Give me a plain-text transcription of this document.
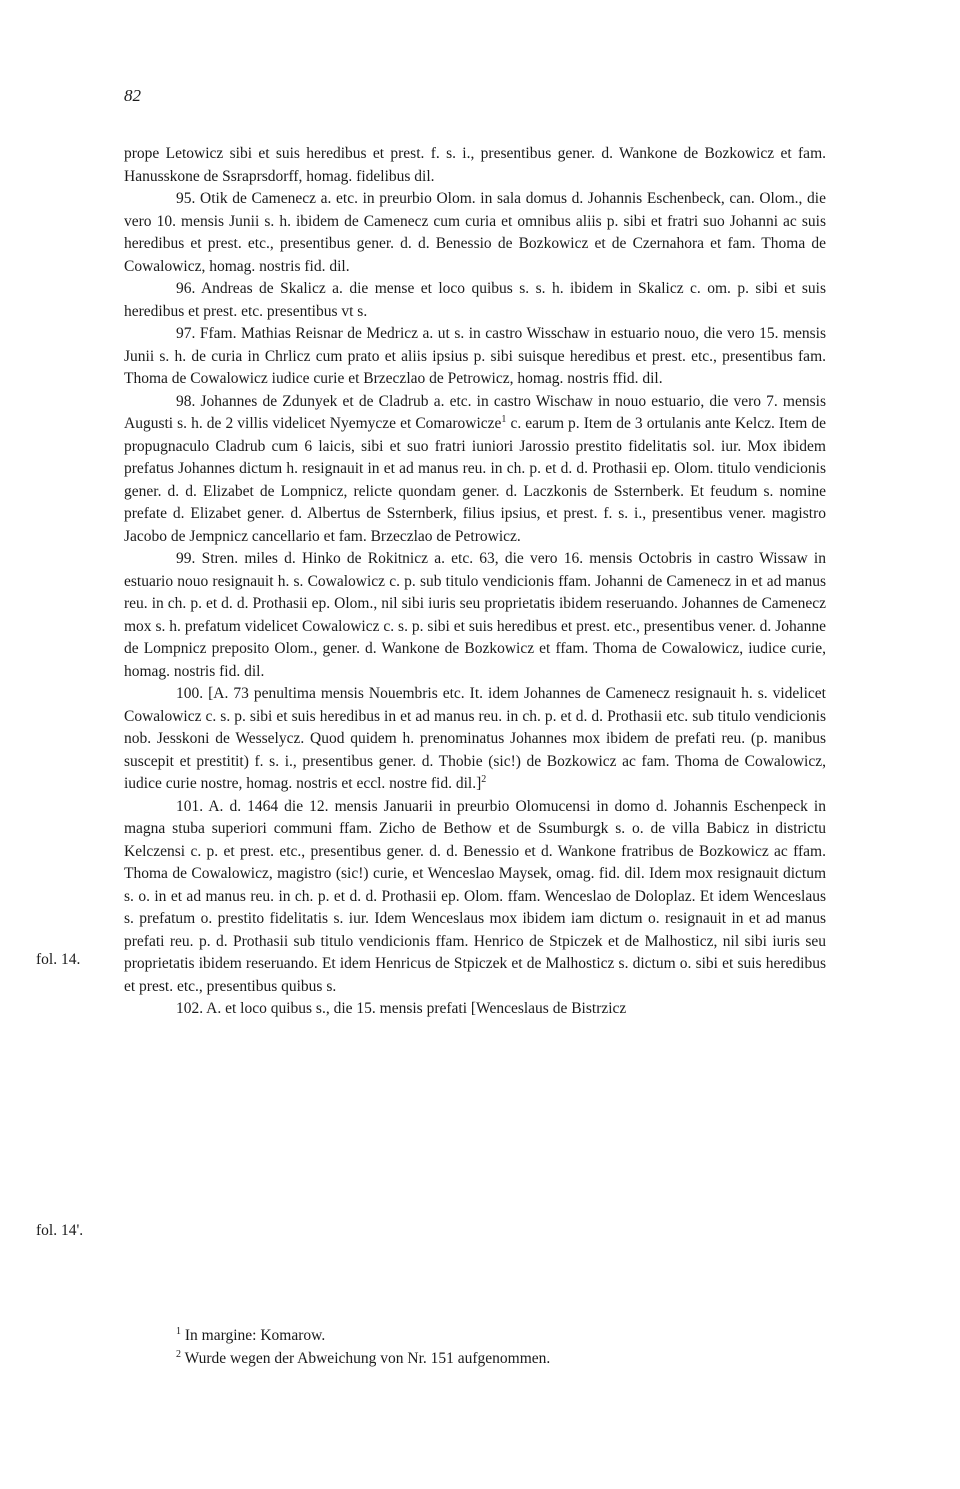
82
fol. 14.
fol. 14'.

prope Letowicz sibi et suis heredibus et prest. f. s. i., presentibus gener. d. Wankone de Bozkowicz et fam. Hanusskone de Ssraprsdorff, homag. fidelibus dil.

95. Otik de Camenecz a. etc. in preurbio Olom. in sala domus d. Johannis Eschenbeck, can. Olom., die vero 10. mensis Junii s. h. ibidem de Camenecz cum curia et omnibus aliis p. sibi et fratri suo Johanni ac suis heredibus et prest. etc., presentibus gener. d. d. Benessio de Bozkowicz et de Czernahora et fam. Thoma de Cowalowicz, homag. nostris fid. dil.

96. Andreas de Skalicz a. die mense et loco quibus s. s. h. ibidem in Skalicz c. om. p. sibi et suis heredibus et prest. etc. presentibus vt s.

97. Ffam. Mathias Reisnar de Medricz a. ut s. in castro Wisschaw in estuario nouo, die vero 15. mensis Junii s. h. de curia in Chrlicz cum prato et aliis ipsius p. sibi suisque heredibus et prest. etc., presentibus fam. Thoma de Cowalowicz iudice curie et Brzeczlao de Petrowicz, homag. nostris ffid. dil.

98. Johannes de Zdunyek et de Cladrub a. etc. in castro Wischaw in nouo estuario, die vero 7. mensis Augusti s. h. de 2 villis videlicet Nyemycze et Comarowicze$^1$ c. earum p. Item de 3 ortulanis ante Kelcz. Item de propugnaculo Cladrub cum 6 laicis, sibi et suo fratri iuniori Jarossio prestito fidelitatis sol. iur. Mox ibidem prefatus Johannes dictum h. resignauit in et ad manus reu. in ch. p. et d. d. Prothasii ep. Olom. titulo vendicionis gener. d. d. Elizabet de Lompnicz, relicte quondam gener. d. Laczkonis de Ssternberk. Et feudum s. nomine prefate d. Elizabet gener. d. Albertus de Ssternberk, filius ipsius, et prest. f. s. i., presentibus vener. magistro Jacobo de Jempnicz cancellario et fam. Brzeczlao de Petrowicz.

99. Stren. miles d. Hinko de Rokitnicz a. etc. 63, die vero 16. mensis Octobris in castro Wissaw in estuario nouo resignauit h. s. Cowalowicz c. p. sub titulo vendicionis ffam. Johanni de Camenecz in et ad manus reu. in ch. p. et d. d. Prothasii ep. Olom., nil sibi iuris seu proprietatis ibidem reseruando. Johannes de Camenecz mox s. h. prefatum videlicet Cowalowicz c. s. p. sibi et suis heredibus et prest. etc., presentibus vener. d. Johanne de Lompnicz preposito Olom., gener. d. Wankone de Bozkowicz et ffam. Thoma de Cowalowicz, iudice curie, homag. nostris fid. dil.

100. [A. 73 penultima mensis Nouembris etc. It. idem Johannes de Camenecz resignauit h. s. videlicet Cowalowicz c. s. p. sibi et suis heredibus in et ad manus reu. in ch. p. et d. d. Prothasii etc. sub titulo vendicionis nob. Jesskoni de Wesselycz. Quod quidem h. prenominatus Johannes mox ibidem de prefati reu. (p. manibus suscepit et prestitit) f. s. i., presentibus gener. d. Thobie (sic!) de Bozkowicz ac fam. Thoma de Cowalowicz, iudice curie nostre, homag. nostris et eccl. nostre fid. dil.]$^2$

101. A. d. 1464 die 12. mensis Januarii in preurbio Olomucensi in domo d. Johannis Eschenpeck in magna stuba superiori communi ffam. Zicho de Bethow et de Ssumburgk s. o. de villa Babicz in districtu Kelczensi c. p. et prest. etc., presentibus gener. d. d. Benessio et d. Wankone fratribus de Bozkowicz ac ffam. Thoma de Cowalowicz, magistro (sic!) curie, et Wenceslao Maysek, omag. fid. dil. Idem mox resignauit dictum s. o. in et ad manus reu. in ch. p. et d. d. Prothasii ep. Olom. ffam. Wenceslao de Doloplaz. Et idem Wenceslaus s. prefatum o. prestito fidelitatis s. iur. Idem Wenceslaus mox ibidem iam dictum o. resignauit in et ad manus prefati reu. p. d. Prothasii sub titulo vendicionis ffam. Henrico de Stpiczek et de Malhosticz, nil sibi iuris seu proprietatis ibidem reseruando. Et idem Henricus de Stpiczek et de Malhosticz s. dictum o. sibi et suis heredibus et prest. etc., presentibus quibus s.

102. A. et loco quibus s., die 15. mensis prefati [Wenceslaus de Bistrzicz

$^1$ In margine: Komarow.

$^2$ Wurde wegen der Abweichung von Nr. 151 aufgenommen.
